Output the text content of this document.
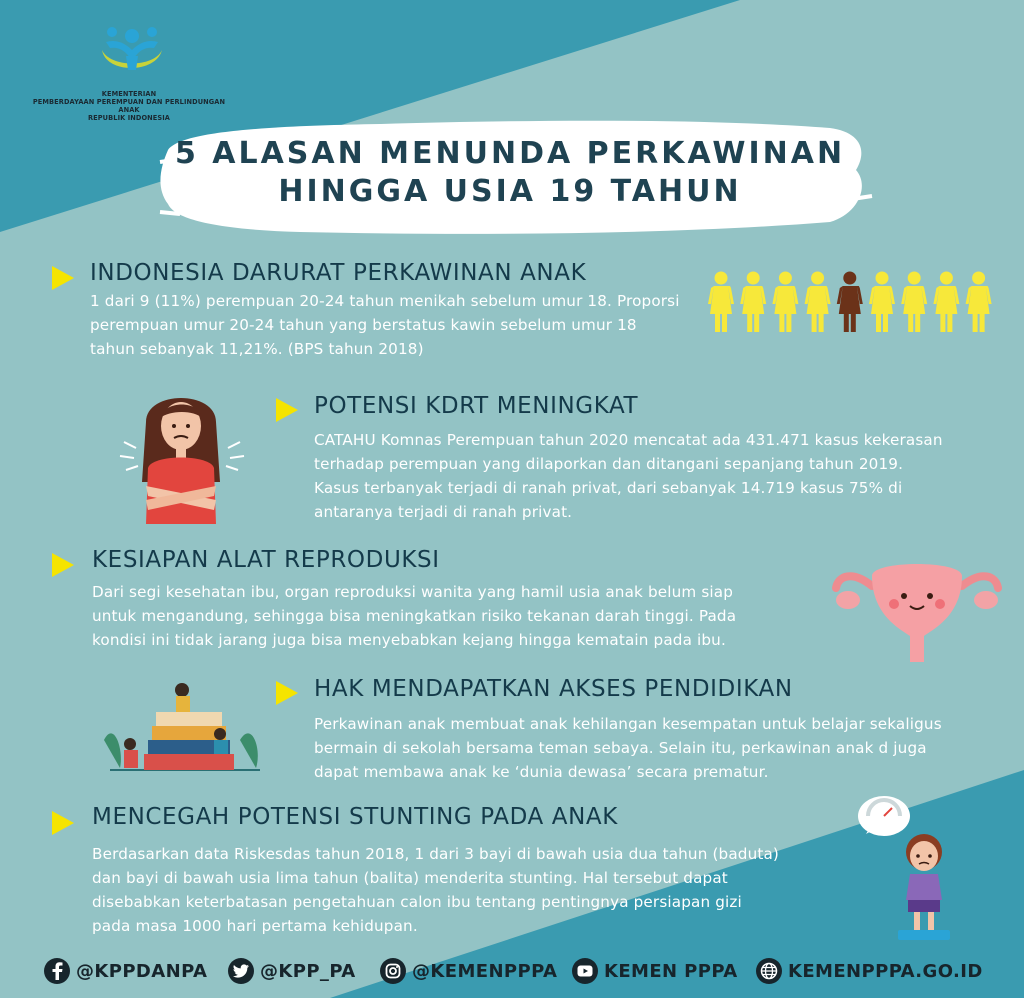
KEMENTERIAN
PEMBERDAYAAN PEREMPUAN DAN PERLINDUNGAN ANAK
REPUBLIK INDONESIA
5 ALASAN MENUNDA PERKAWINAN
HINGGA USIA 19 TAHUN
INDONESIA DARURAT PERKAWINAN ANAK
1 dari 9 (11%) perempuan 20-24 tahun menikah sebelum umur 18. Proporsi
perempuan umur 20-24 tahun yang berstatus kawin sebelum umur 18
tahun sebanyak 11,21%. (BPS tahun 2018)
POTENSI KDRT MENINGKAT
CATAHU Komnas Perempuan tahun 2020 mencatat ada 431.471 kasus kekerasan
terhadap perempuan yang dilaporkan dan ditangani sepanjang tahun 2019.
Kasus terbanyak terjadi di ranah privat, dari sebanyak 14.719 kasus 75% di
antaranya terjadi di ranah privat.
KESIAPAN ALAT REPRODUKSI
Dari segi kesehatan ibu, organ reproduksi wanita yang hamil usia anak belum siap
untuk mengandung, sehingga bisa meningkatkan risiko tekanan darah tinggi. Pada
kondisi ini tidak jarang juga bisa menyebabkan kejang hingga kematain pada ibu.
HAK MENDAPATKAN AKSES PENDIDIKAN
Perkawinan anak membuat anak kehilangan kesempatan untuk belajar sekaligus
bermain di sekolah bersama teman sebaya. Selain itu, perkawinan anak d juga
dapat membawa anak ke ‘dunia dewasa’ secara prematur.
MENCEGAH POTENSI STUNTING PADA ANAK
Berdasarkan data Riskesdas tahun 2018, 1 dari 3 bayi di bawah usia dua tahun (baduta)
dan bayi di bawah usia lima tahun (balita) menderita stunting. Hal tersebut dapat
disebabkan keterbatasan pengetahuan calon ibu tentang pentingnya persiapan gizi
pada masa 1000 hari pertama kehidupan.
@KPPDANPA	@KPP_PA	@KEMENPPPA	KEMEN PPPA	KEMENPPPA.GO.ID
